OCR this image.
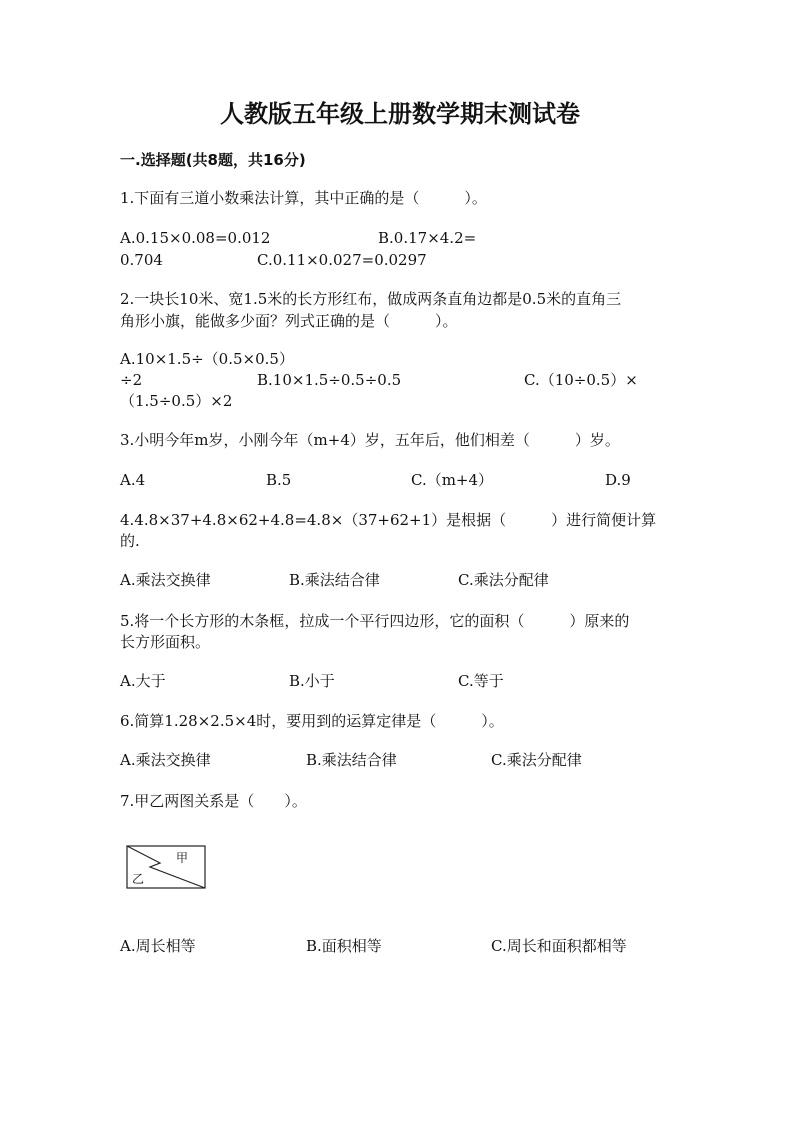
人教版五年级上册数学期末测试卷
一.选择题(共8题，共16分)
1.下面有三道小数乘法计算，其中正确的是（　　　）。
A.0.15×0.08=0.012	B.0.17×4.2=
0.704	C.0.11×0.027=0.0297
2.一块长10米、宽1.5米的长方形红布，做成两条直角边都是0.5米的直角三
角形小旗，能做多少面？列式正确的是（　　　）。
A.10×1.5÷（0.5×0.5）
÷2	B.10×1.5÷0.5÷0.5	C.（10÷0.5）×
（1.5÷0.5）×2
3.小明今年m岁，小刚今年（m+4）岁，五年后，他们相差（　　　）岁。
A.4	B.5	C.（m+4）	D.9
4.4.8×37+4.8×62+4.8=4.8×（37+62+1）是根据（　　　）进行简便计算
的.
A.乘法交换律	B.乘法结合律	C.乘法分配律
5.将一个长方形的木条框，拉成一个平行四边形，它的面积（　　　）原来的
长方形面积。
A.大于	B.小于	C.等于
6.简算1.28×2.5×4时，要用到的运算定律是（　　　）。
A.乘法交换律	B.乘法结合律	C.乘法分配律
7.甲乙两图关系是（　　）。
甲
乙
A.周长相等	B.面积相等	C.周长和面积都相等
